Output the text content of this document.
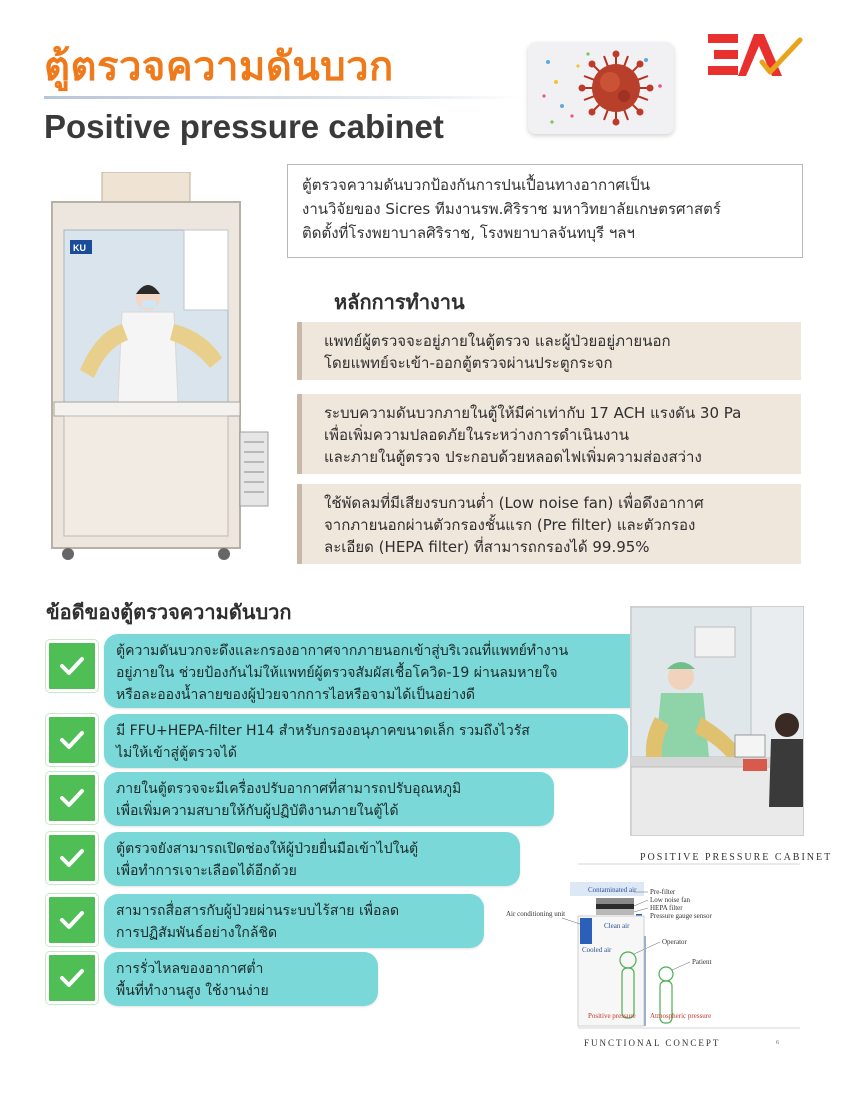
ตู้ตรวจความดันบวก
Positive pressure cabinet
KU
ตู้ตรวจความดันบวกป้องกันการปนเปื้อนทางอากาศเป็น
งานวิจัยของ Sicres ทีมงานรพ.ศิริราช มหาวิทยาลัยเกษตรศาสตร์
ติดตั้งที่โรงพยาบาลศิริราช, โรงพยาบาลจันทบุรี ฯลฯ
หลักการทำงาน
แพทย์ผู้ตรวจจะอยู่ภายในตู้ตรวจ และผู้ป่วยอยู่ภายนอก
โดยแพทย์จะเข้า-ออกตู้ตรวจผ่านประตูกระจก
ระบบความดันบวกภายในตู้ให้มีค่าเท่ากับ 17 ACH แรงดัน 30 Pa
เพื่อเพิ่มความปลอดภัยในระหว่างการดำเนินงาน
และภายในตู้ตรวจ ประกอบด้วยหลอดไฟเพิ่มความส่องสว่าง
ใช้พัดลมที่มีเสียงรบกวนต่ำ (Low noise fan) เพื่อดึงอากาศ
จากภายนอกผ่านตัวกรองชั้นแรก (Pre filter) และตัวกรอง
ละเอียด (HEPA filter) ที่สามารถกรองได้ 99.95%
ข้อดีของตู้ตรวจความดันบวก
ตู้ความดันบวกจะดึงและกรองอากาศจากภายนอกเข้าสู่บริเวณที่แพทย์ทำงาน
อยู่ภายใน ช่วยป้องกันไม่ให้แพทย์ผู้ตรวจสัมผัสเชื้อโควิด-19 ผ่านลมหายใจ
หรือละอองน้ำลายของผู้ป่วยจากการไอหรือจามได้เป็นอย่างดี
มี FFU+HEPA-filter H14 สำหรับกรองอนุภาคขนาดเล็ก รวมถึงไวรัส
ไม่ให้เข้าสู่ตู้ตรวจได้
ภายในตู้ตรวจจะมีเครื่องปรับอากาศที่สามารถปรับอุณหภูมิ
เพื่อเพิ่มความสบายให้กับผู้ปฏิบัติงานภายในตู้ได้
ตู้ตรวจยังสามารถเปิดช่องให้ผู้ป่วยยื่นมือเข้าไปในตู้
เพื่อทำการเจาะเลือดได้อีกด้วย
สามารถสื่อสารกับผู้ป่วยผ่านระบบไร้สาย เพื่อลด
การปฏิสัมพันธ์อย่างใกล้ชิด
การรั่วไหลของอากาศต่ำ
พื้นที่ทำงานสูง ใช้งานง่าย
POSITIVE PRESSURE CABINET
Contaminated air Pre-filter
Low noise fan
HEPA filter
Pressure gauge sensor
Air conditioning unit
Clean air
Cooled air
Operator
Patient
Positive pressure Atmospheric pressure
6
FUNCTIONAL CONCEPT
